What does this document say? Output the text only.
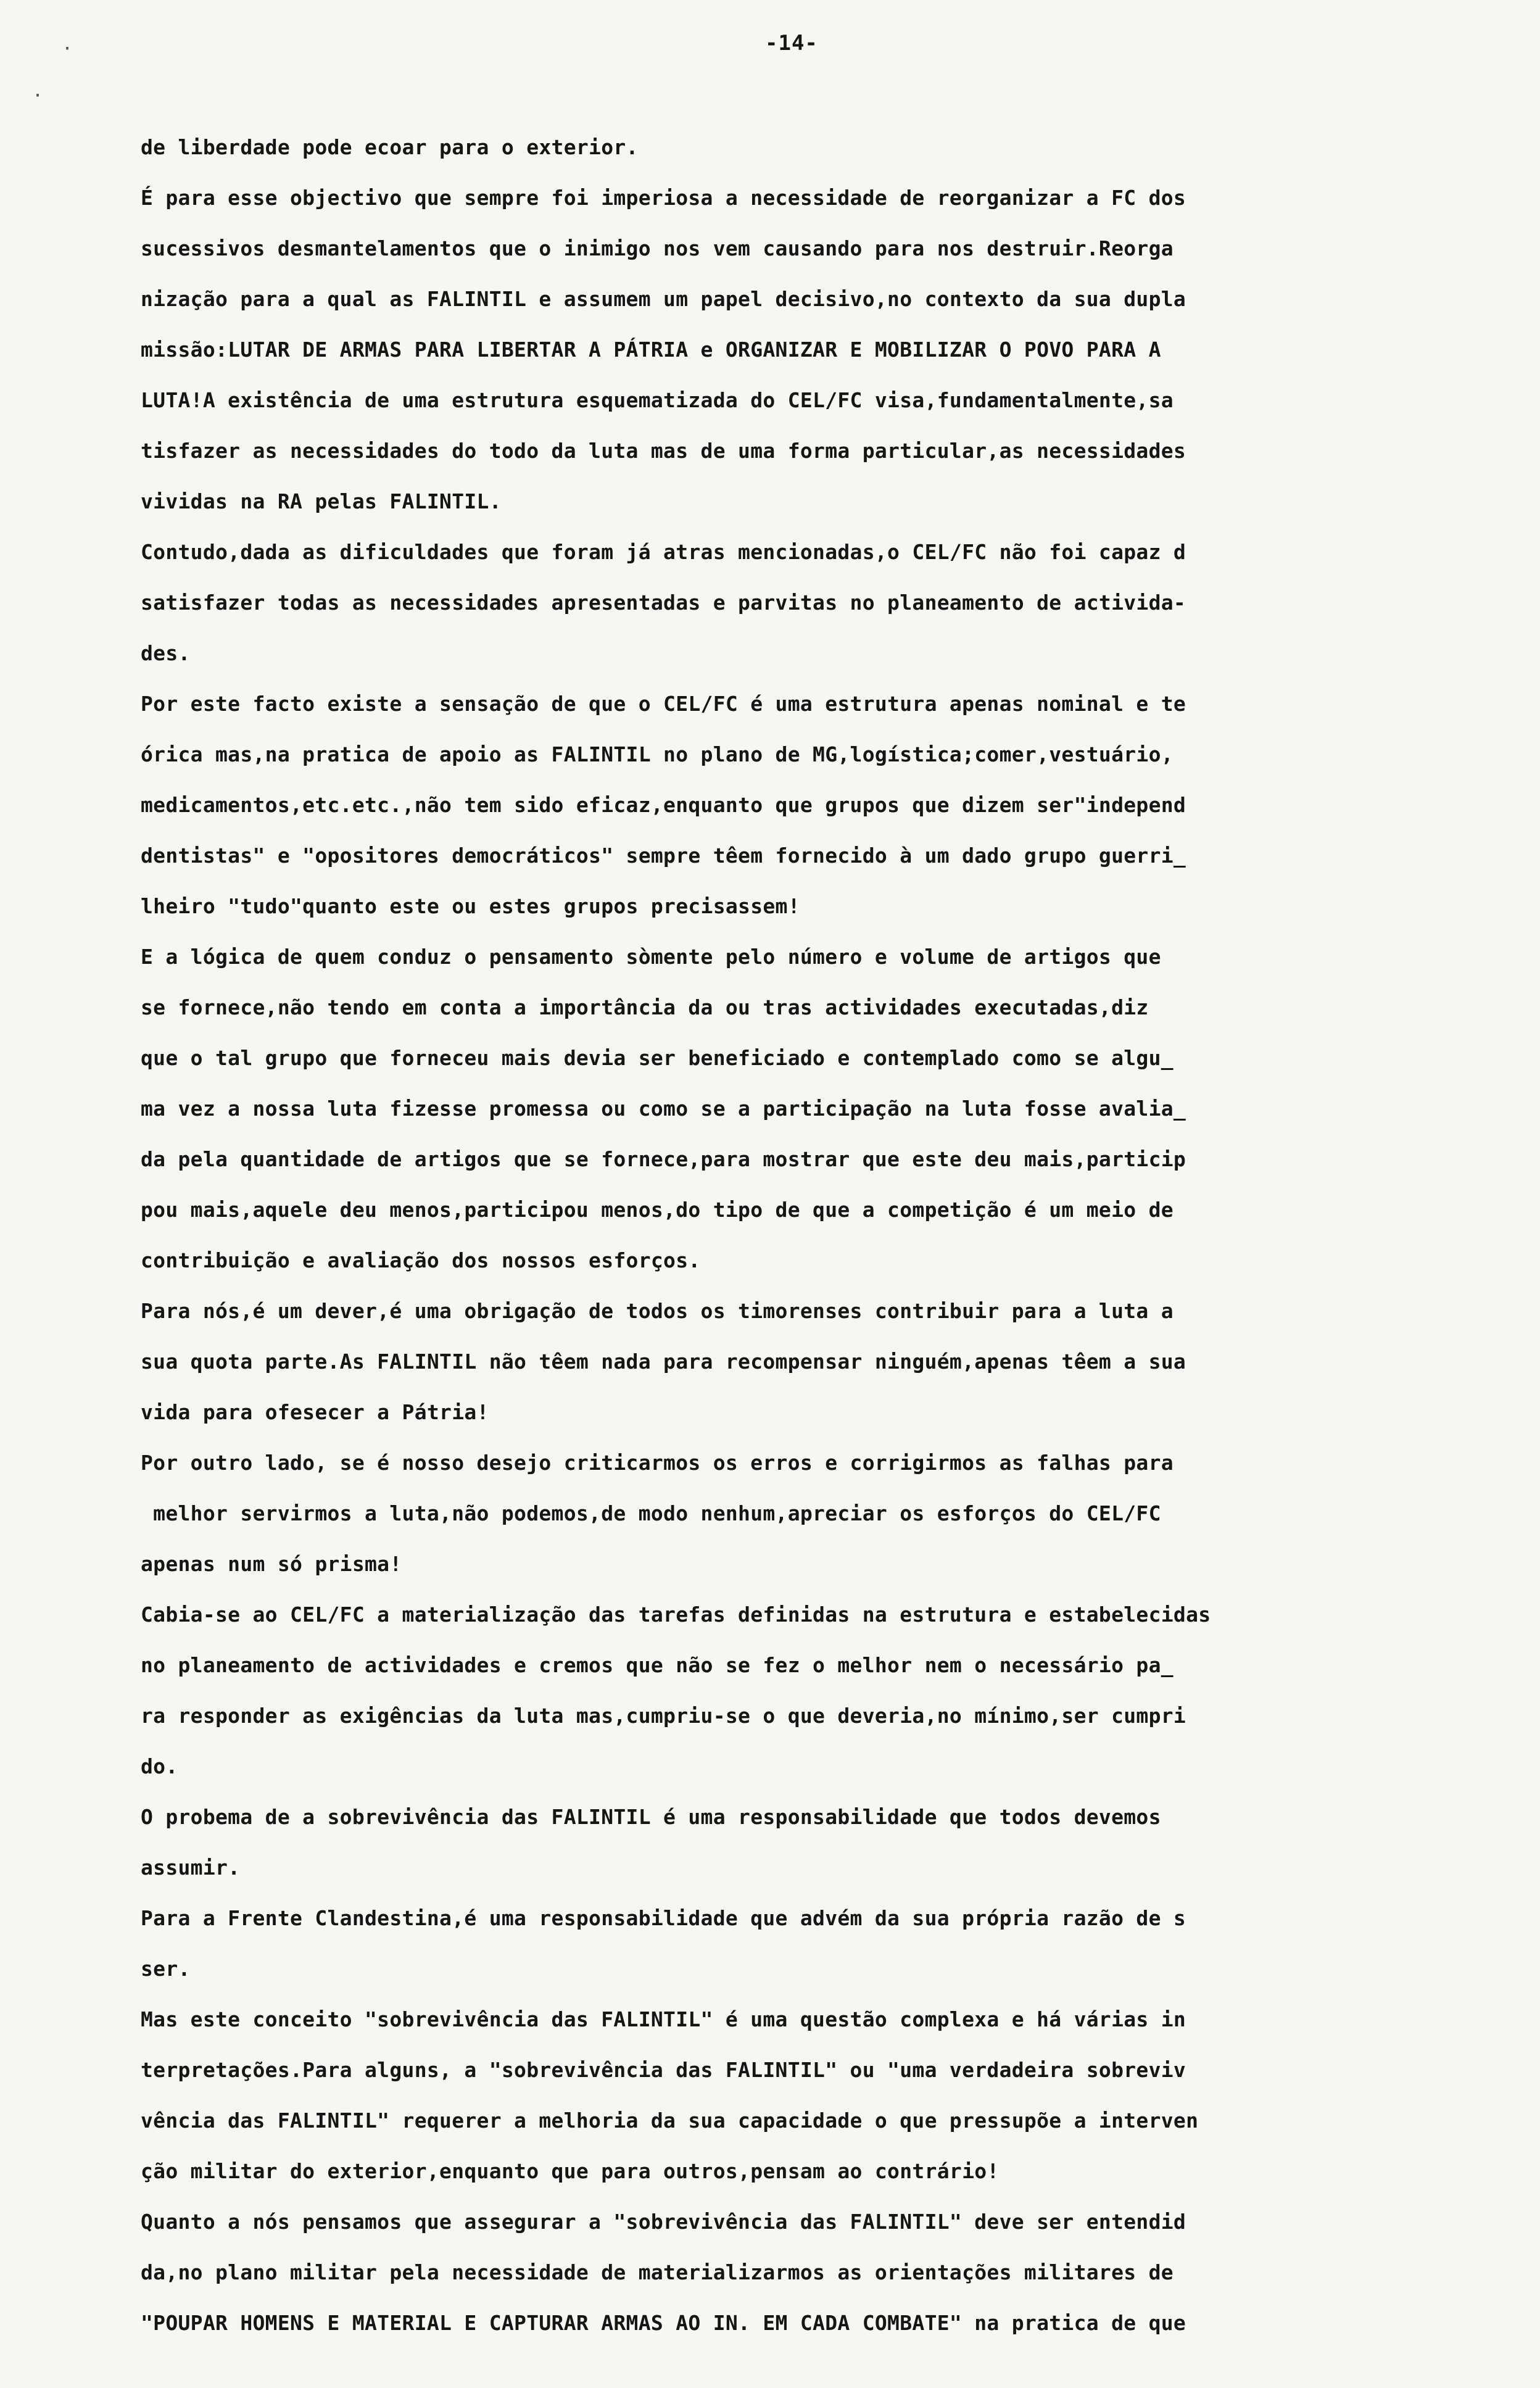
-14-
·
·
de liberdade pode ecoar para o exterior.
É para esse objectivo que sempre foi imperiosa a necessidade de reorganizar a FC dos
sucessivos desmantelamentos que o inimigo nos vem causando para nos destruir.Reorga
nização para a qual as FALINTIL e assumem um papel decisivo,no contexto da sua dupla
missão:LUTAR DE ARMAS PARA LIBERTAR A PÁTRIA e ORGANIZAR E MOBILIZAR O POVO PARA A
LUTA!A existência de uma estrutura esquematizada do CEL/FC visa,fundamentalmente,sa
tisfazer as necessidades do todo da luta mas de uma forma particular,as necessidades
vividas na RA pelas FALINTIL.
Contudo,dada as dificuldades que foram já atras mencionadas,o CEL/FC não foi capaz d
satisfazer todas as necessidades apresentadas e parvitas no planeamento de activida-
des.
Por este facto existe a sensação de que o CEL/FC é uma estrutura apenas nominal e te
órica mas,na pratica de apoio as FALINTIL no plano de MG,logística;comer,vestuário,
medicamentos,etc.etc.,não tem sido eficaz,enquanto que grupos que dizem ser"independ
dentistas" e "opositores democráticos" sempre têem fornecido à um dado grupo guerri_
lheiro "tudo"quanto este ou estes grupos precisassem!
E a lógica de quem conduz o pensamento sòmente pelo número e volume de artigos que
se fornece,não tendo em conta a importância da ou tras actividades executadas,diz
que o tal grupo que forneceu mais devia ser beneficiado e contemplado como se algu_
ma vez a nossa luta fizesse promessa ou como se a participação na luta fosse avalia_
da pela quantidade de artigos que se fornece,para mostrar que este deu mais,particip
pou mais,aquele deu menos,participou menos,do tipo de que a competição é um meio de
contribuição e avaliação dos nossos esforços.
Para nós,é um dever,é uma obrigação de todos os timorenses contribuir para a luta a
sua quota parte.As FALINTIL não têem nada para recompensar ninguém,apenas têem a sua
vida para ofesecer a Pátria!
Por outro lado, se é nosso desejo criticarmos os erros e corrigirmos as falhas para
melhor servirmos a luta,não podemos,de modo nenhum,apreciar os esforços do CEL/FC
apenas num só prisma!
Cabia-se ao CEL/FC a materialização das tarefas definidas na estrutura e estabelecidas
no planeamento de actividades e cremos que não se fez o melhor nem o necessário pa_
ra responder as exigências da luta mas,cumpriu-se o que deveria,no mínimo,ser cumpri
do.
O probema de a sobrevivência das FALINTIL é uma responsabilidade que todos devemos
assumir.
Para a Frente Clandestina,é uma responsabilidade que advém da sua própria razão de s
ser.
Mas este conceito "sobrevivência das FALINTIL" é uma questão complexa e há várias in
terpretações.Para alguns, a "sobrevivência das FALINTIL" ou "uma verdadeira sobreviv
vência das FALINTIL" requerer a melhoria da sua capacidade o que pressupõe a interven
ção militar do exterior,enquanto que para outros,pensam ao contrário!
Quanto a nós pensamos que assegurar a "sobrevivência das FALINTIL" deve ser entendid
da,no plano militar pela necessidade de materializarmos as orientações militares de
"POUPAR HOMENS E MATERIAL E CAPTURAR ARMAS AO IN. EM CADA COMBATE" na pratica de que
